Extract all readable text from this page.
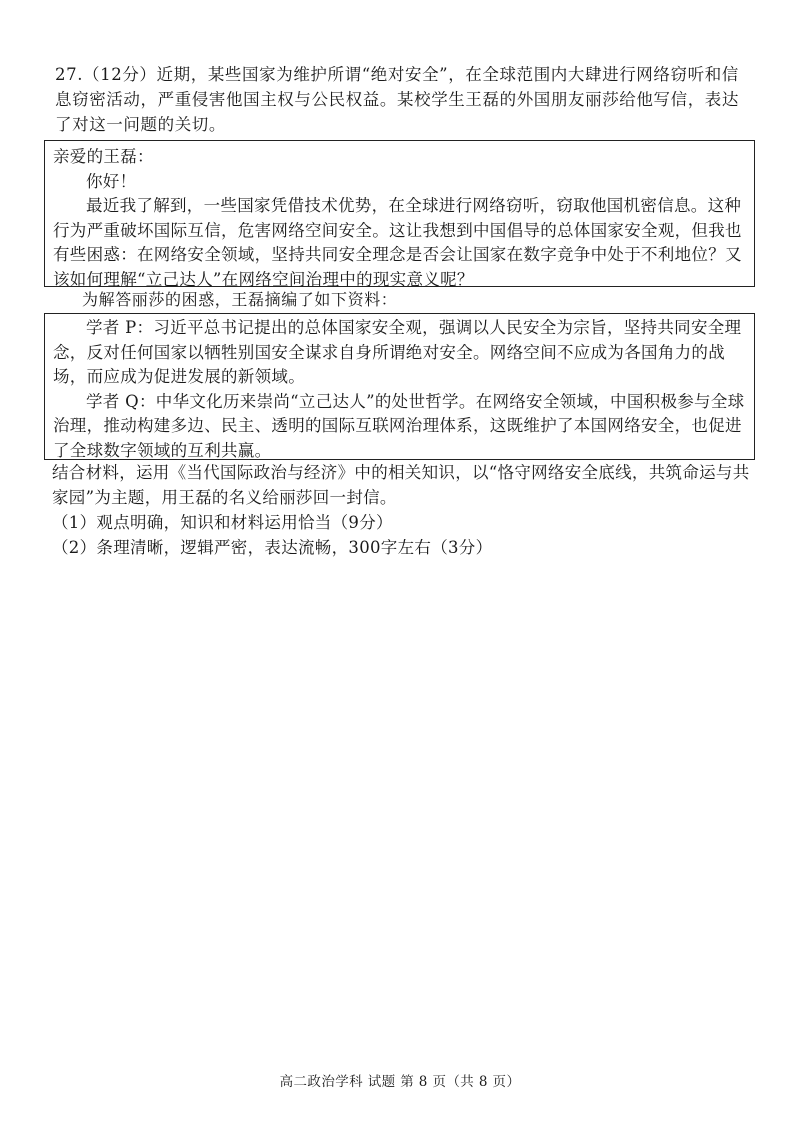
27.（12分）近期，某些国家为维护所谓“绝对安全”，在全球范围内大肆进行网络窃听和信息窃密活动，严重侵害他国主权与公民权益。某校学生王磊的外国朋友丽莎给他写信，表达了对这一问题的关切。

亲爱的王磊：

你好！

最近我了解到，一些国家凭借技术优势，在全球进行网络窃听，窃取他国机密信息。这种行为严重破坏国际互信，危害网络空间安全。这让我想到中国倡导的总体国家安全观，但我也有些困惑：在网络安全领域，坚持共同安全理念是否会让国家在数字竞争中处于不利地位？又该如何理解“立己达人”在网络空间治理中的现实意义呢？

为解答丽莎的困惑，王磊摘编了如下资料：

学者 P：习近平总书记提出的总体国家安全观，强调以人民安全为宗旨，坚持共同安全理念，反对任何国家以牺牲别国安全谋求自身所谓绝对安全。网络空间不应成为各国角力的战场，而应成为促进发展的新领域。

学者 Q：中华文化历来崇尚“立己达人”的处世哲学。在网络安全领域，中国积极参与全球治理，推动构建多边、民主、透明的国际互联网治理体系，这既维护了本国网络安全，也促进了全球数字领域的互利共赢。

结合材料，运用《当代国际政治与经济》中的相关知识，以“恪守网络安全底线，共筑命运与共家园”为主题，用王磊的名义给丽莎回一封信。

（1）观点明确，知识和材料运用恰当（9分）

（2）条理清晰，逻辑严密，表达流畅，300字左右（3分）

高二政治学科 试题 第 8 页（共 8 页）
